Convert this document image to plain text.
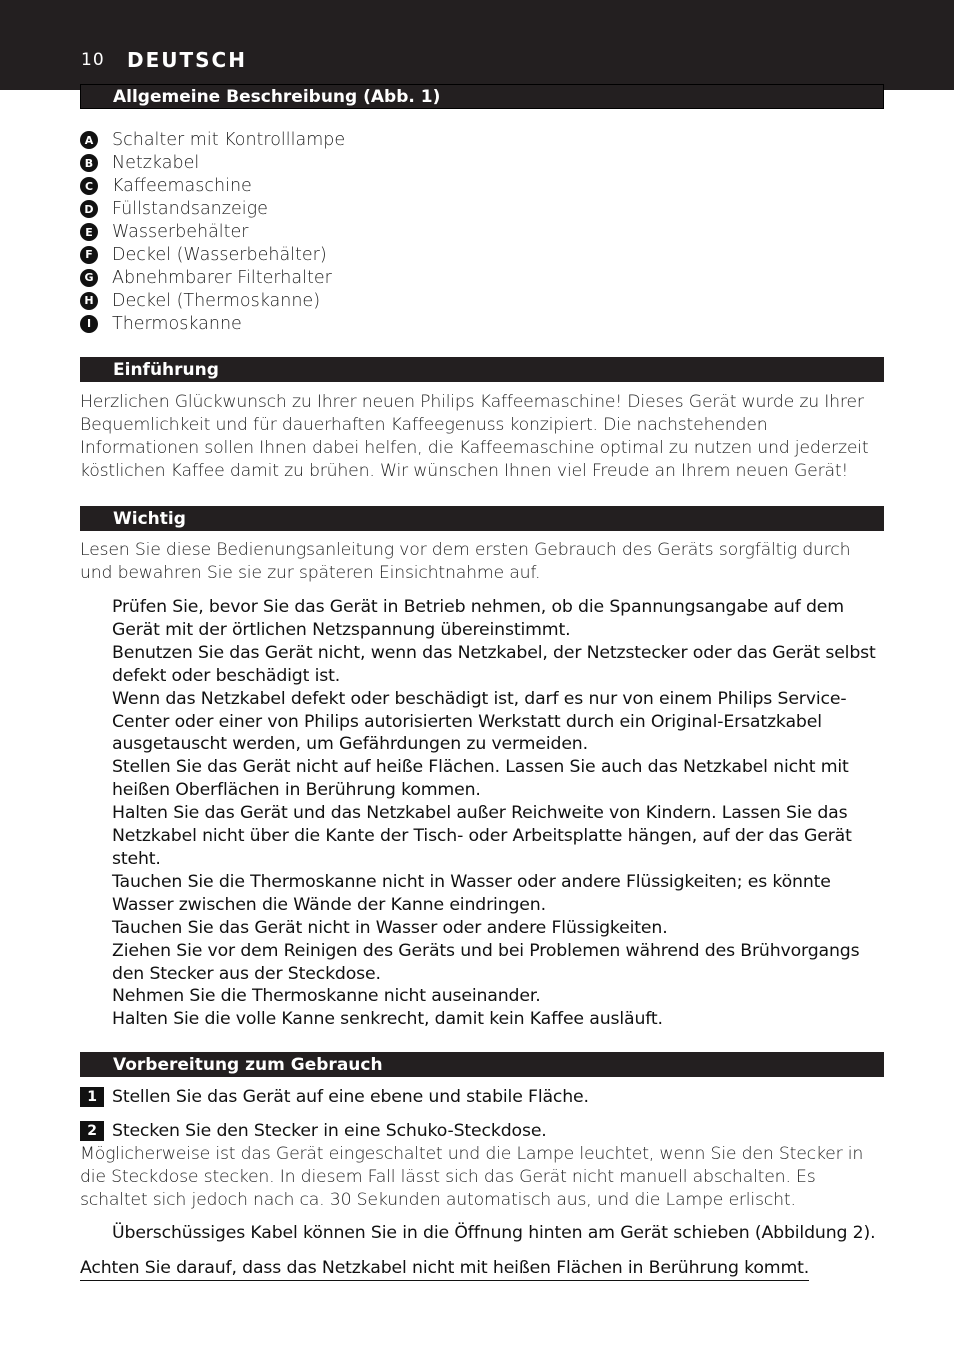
10 DEUTSCH
Allgemeine Beschreibung (Abb. 1)
A Schalter mit Kontrolllampe
B Netzkabel
C Kaffeemaschine
D Füllstandsanzeige
E	Wasserbehälter
F	Deckel (Wasserbehälter)
G Abnehmbarer Filterhalter
H Deckel (Thermoskanne)
I	Thermoskanne
Einführung
Herzlichen Glückwunsch zu Ihrer neuen Philips Kaffeemaschine! Dieses Gerät wurde zu Ihrer Bequemlichkeit und für dauerhaften Kaffeegenuss konzipiert. Die nachstehenden Informationen sollen Ihnen dabei helfen, die Kaffeemaschine optimal zu nutzen und jederzeit köstlichen Kaffee damit zu brühen. Wir wünschen Ihnen viel Freude an Ihrem neuen Gerät!
Wichtig
Lesen Sie diese Bedienungsanleitung vor dem ersten Gebrauch des Geräts sorgfältig durch und bewahren Sie sie zur späteren Einsichtnahme auf.
Prüfen Sie, bevor Sie das Gerät in Betrieb nehmen, ob die Spannungsangabe auf dem Gerät mit der örtlichen Netzspannung übereinstimmt.
Benutzen Sie das Gerät nicht, wenn das Netzkabel, der Netzstecker oder das Gerät selbst defekt oder beschädigt ist.
Wenn das Netzkabel defekt oder beschädigt ist, darf es nur von einem Philips Service-Center oder einer von Philips autorisierten Werkstatt durch ein Original-Ersatzkabel ausgetauscht werden, um Gefährdungen zu vermeiden.
Stellen Sie das Gerät nicht auf heiße Flächen. Lassen Sie auch das Netzkabel nicht mit heißen Oberflächen in Berührung kommen.
Halten Sie das Gerät und das Netzkabel außer Reichweite von Kindern. Lassen Sie das Netzkabel nicht über die Kante der Tisch- oder Arbeitsplatte hängen, auf der das Gerät steht.
Tauchen Sie die Thermoskanne nicht in Wasser oder andere Flüssigkeiten; es könnte Wasser zwischen die Wände der Kanne eindringen.
Tauchen Sie das Gerät nicht in Wasser oder andere Flüssigkeiten.
Ziehen Sie vor dem Reinigen des Geräts und bei Problemen während des Brühvorgangs den Stecker aus der Steckdose.
Nehmen Sie die Thermoskanne nicht auseinander.
Halten Sie die volle Kanne senkrecht, damit kein Kaffee ausläuft.
Vorbereitung zum Gebrauch
1 Stellen Sie das Gerät auf eine ebene und stabile Fläche.
2 Stecken Sie den Stecker in eine Schuko-Steckdose.
Möglicherweise ist das Gerät eingeschaltet und die Lampe leuchtet, wenn Sie den Stecker in die Steckdose stecken. In diesem Fall lässt sich das Gerät nicht manuell abschalten. Es schaltet sich jedoch nach ca. 30 Sekunden automatisch aus, und die Lampe erlischt.
Überschüssiges Kabel können Sie in die Öffnung hinten am Gerät schieben (Abbildung 2).
Achten Sie darauf, dass das Netzkabel nicht mit heißen Flächen in Berührung kommt.
